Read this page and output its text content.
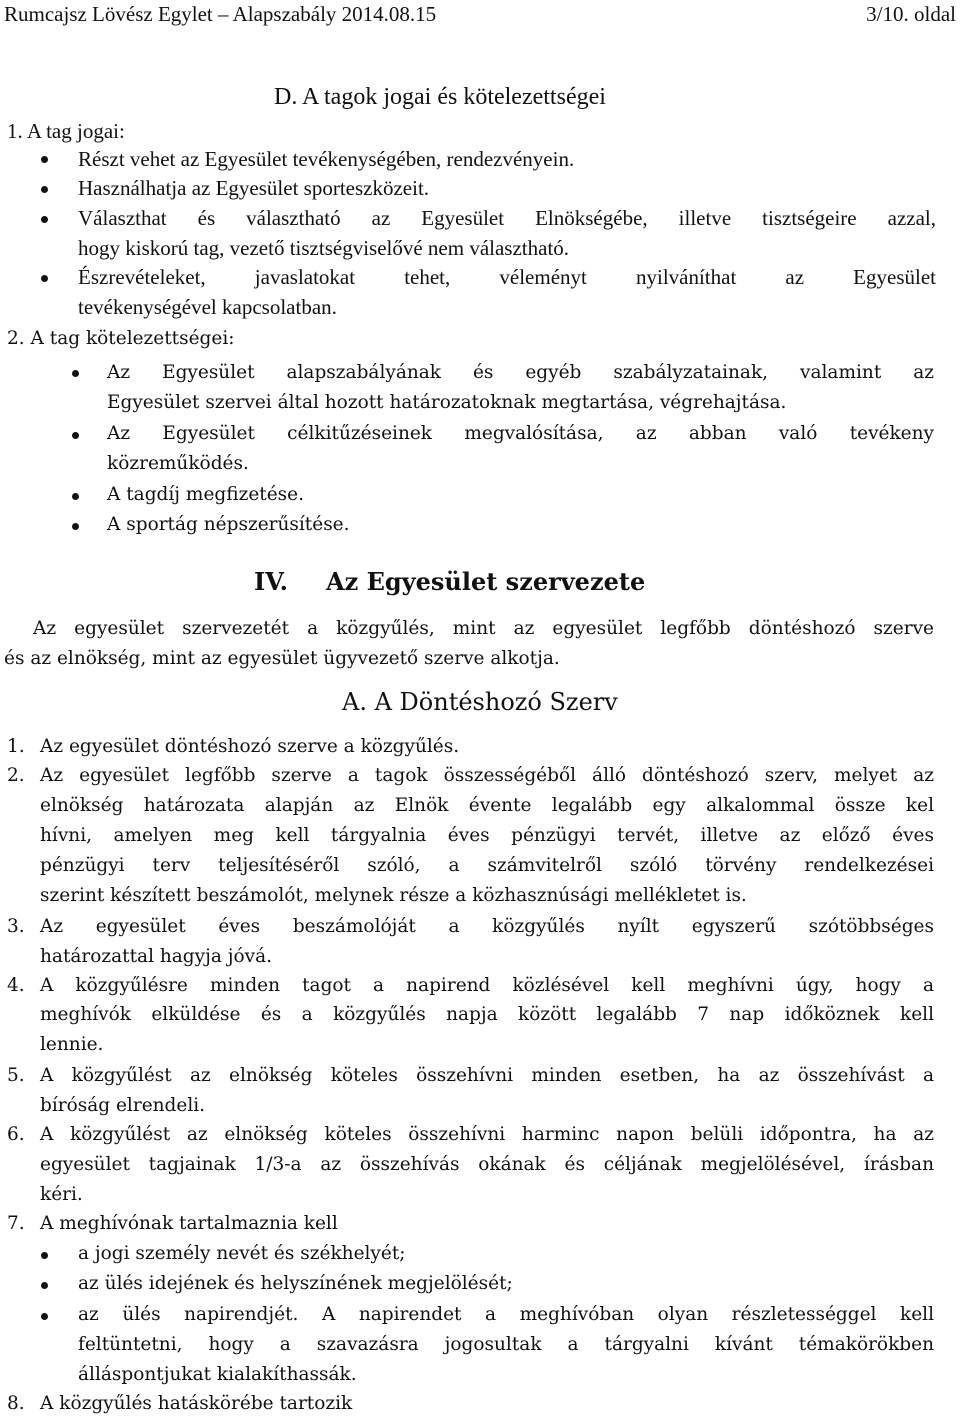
Rumcajsz Lövész Egylet – Alapszabály 2014.08.15	3/10. oldal
D. A tagok jogai és kötelezettségei
1. A tag jogai:
Részt vehet az Egyesület tevékenységében, rendezvényein.
Használhatja az Egyesület sporteszközeit.
Választhat és választható az Egyesület Elnökségébe, illetve tisztségeire azzal,
hogy kiskorú tag, vezető tisztségviselővé nem választható.
Észrevételeket, javaslatokat tehet, véleményt nyilváníthat az Egyesület
tevékenységével kapcsolatban.
2. A tag kötelezettségei:
Az Egyesület alapszabályának és egyéb szabályzatainak, valamint az
Egyesület szervei által hozott határozatoknak megtartása, végrehajtása.
Az Egyesület célkitűzéseinek megvalósítása, az abban való tevékeny
közreműködés.
A tagdíj megfizetése.
A sportág népszerűsítése.
IV. Az Egyesület szervezete
Az egyesület szervezetét a közgyűlés, mint az egyesület legfőbb döntéshozó szerve
és az elnökség, mint az egyesület ügyvezető szerve alkotja.
A. A Döntéshozó Szerv
1. Az egyesület döntéshozó szerve a közgyűlés.
2. Az egyesület legfőbb szerve a tagok összességéből álló döntéshozó szerv, melyet az
elnökség határozata alapján az Elnök évente legalább egy alkalommal össze kel
hívni, amelyen meg kell tárgyalnia éves pénzügyi tervét, illetve az előző éves
pénzügyi terv teljesítéséről szóló, a számvitelről szóló törvény rendelkezései
szerint készített beszámolót, melynek része a közhasznúsági mellékletet is.
3. Az egyesület éves beszámolóját a közgyűlés nyílt egyszerű szótöbbséges
határozattal hagyja jóvá.
4. A közgyűlésre minden tagot a napirend közlésével kell meghívni úgy, hogy a
meghívók elküldése és a közgyűlés napja között legalább 7 nap időköznek kell
lennie.
5. A közgyűlést az elnökség köteles összehívni minden esetben, ha az összehívást a
bíróság elrendeli.
6. A közgyűlést az elnökség köteles összehívni harminc napon belüli időpontra, ha az
egyesület tagjainak 1/3-a az összehívás okának és céljának megjelölésével, írásban
kéri.
7. A meghívónak tartalmaznia kell
a jogi személy nevét és székhelyét;
az ülés idejének és helyszínének megjelölését;
az ülés napirendjét. A napirendet a meghívóban olyan részletességgel kell
feltüntetni, hogy a szavazásra jogosultak a tárgyalni kívánt témakörökben
álláspontjukat kialakíthassák.
8. A közgyűlés hatáskörébe tartozik
